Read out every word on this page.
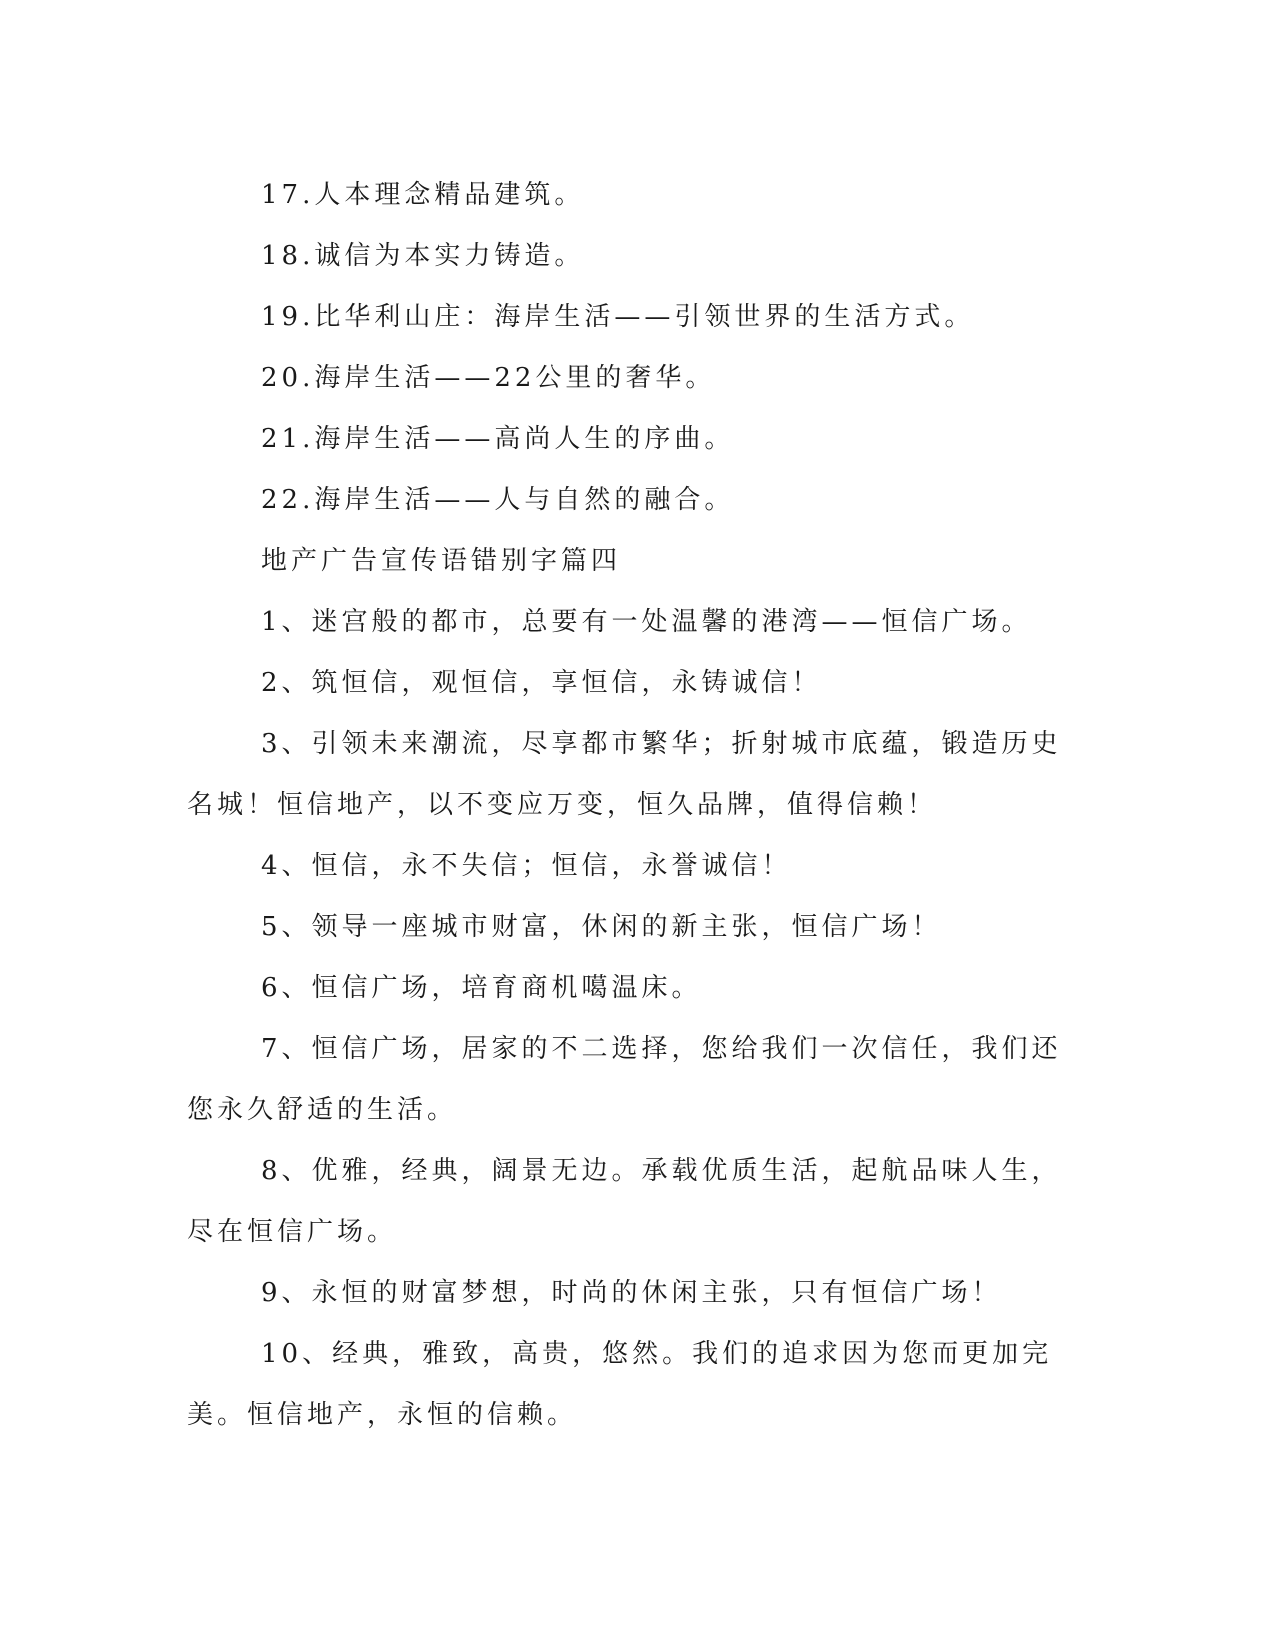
17.人本理念精品建筑。

18.诚信为本实力铸造。

19.比华利山庄：海岸生活——引领世界的生活方式。

20.海岸生活——22公里的奢华。

21.海岸生活——高尚人生的序曲。

22.海岸生活——人与自然的融合。

地产广告宣传语错别字篇四

1、迷宫般的都市，总要有一处温馨的港湾——恒信广场。

2、筑恒信，观恒信，享恒信，永铸诚信！

3、引领未来潮流，尽享都市繁华；折射城市底蕴，锻造历史名城！恒信地产，以不变应万变，恒久品牌，值得信赖！

4、恒信，永不失信；恒信，永誉诚信！

5、领导一座城市财富，休闲的新主张，恒信广场！

6、恒信广场，培育商机噶温床。

7、恒信广场，居家的不二选择，您给我们一次信任，我们还您永久舒适的生活。

8、优雅，经典，阔景无边。承载优质生活，起航品味人生，尽在恒信广场。

9、永恒的财富梦想，时尚的休闲主张，只有恒信广场！

10、经典，雅致，高贵，悠然。我们的追求因为您而更加完美。恒信地产，永恒的信赖。
